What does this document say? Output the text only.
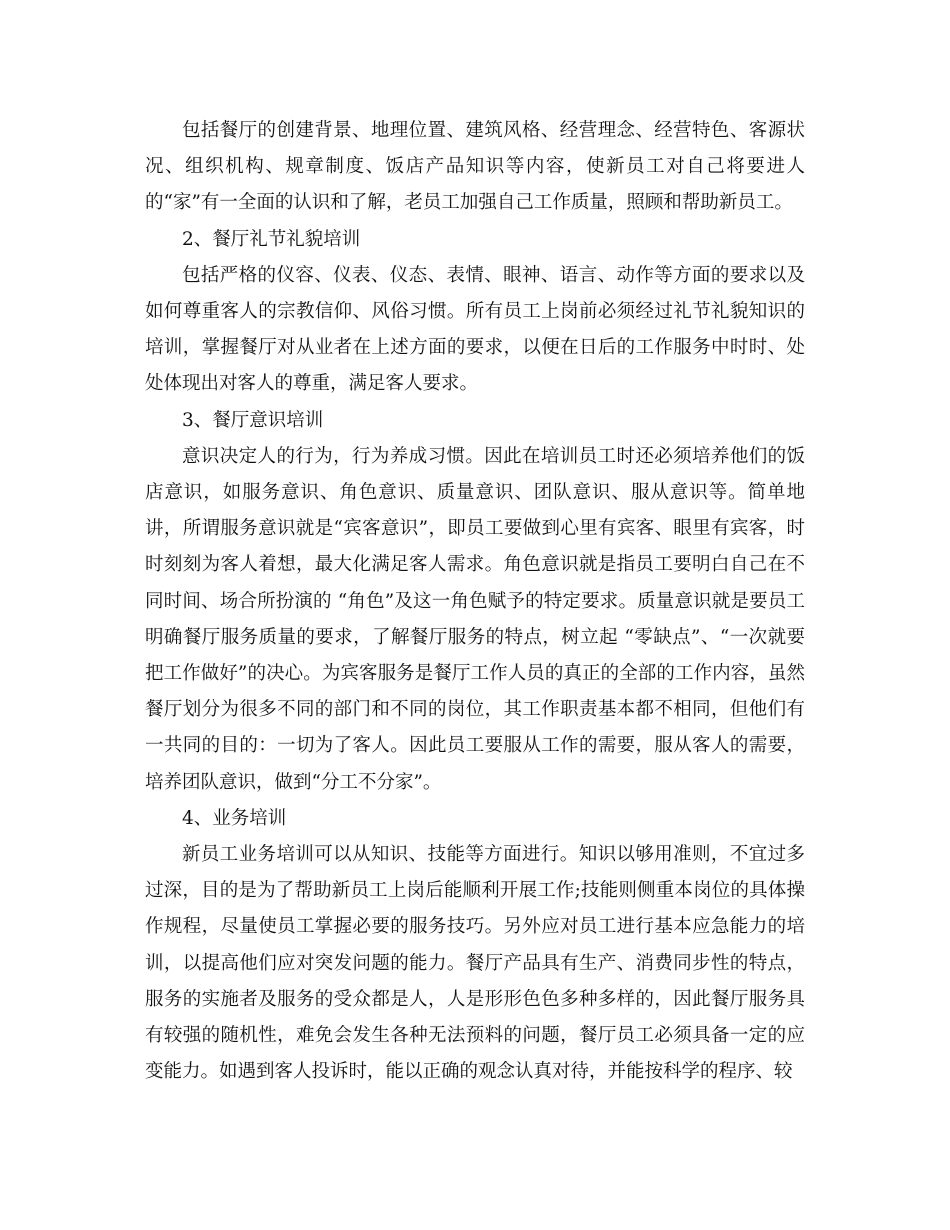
包括餐厅的创建背景、地理位置、建筑风格、经营理念、经营特色、客源状况、组织机构、规章制度、饭店产品知识等内容，使新员工对自己将要进人的“家”有一全面的认识和了解，老员工加强自己工作质量，照顾和帮助新员工。

2、餐厅礼节礼貌培训

包括严格的仪容、仪表、仪态、表情、眼神、语言、动作等方面的要求以及如何尊重客人的宗教信仰、风俗习惯。所有员工上岗前必须经过礼节礼貌知识的培训，掌握餐厅对从业者在上述方面的要求，以便在日后的工作服务中时时、处处体现出对客人的尊重，满足客人要求。

3、餐厅意识培训

意识决定人的行为，行为养成习惯。因此在培训员工时还必须培养他们的饭店意识，如服务意识、角色意识、质量意识、团队意识、服从意识等。简单地讲，所谓服务意识就是“宾客意识”，即员工要做到心里有宾客、眼里有宾客，时时刻刻为客人着想，最大化满足客人需求。角色意识就是指员工要明白自己在不同时间、场合所扮演的 “角色”及这一角色赋予的特定要求。质量意识就是要员工明确餐厅服务质量的要求，了解餐厅服务的特点，树立起 “零缺点”、“一次就要把工作做好”的决心。为宾客服务是餐厅工作人员的真正的全部的工作内容，虽然餐厅划分为很多不同的部门和不同的岗位，其工作职责基本都不相同，但他们有一共同的目的：一切为了客人。因此员工要服从工作的需要，服从客人的需要，培养团队意识，做到“分工不分家”。

4、业务培训

新员工业务培训可以从知识、技能等方面进行。知识以够用准则，不宜过多过深，目的是为了帮助新员工上岗后能顺利开展工作;技能则侧重本岗位的具体操作规程，尽量使员工掌握必要的服务技巧。另外应对员工进行基本应急能力的培训，以提高他们应对突发问题的能力。餐厅产品具有生产、消费同步性的特点，服务的实施者及服务的受众都是人，人是形形色色多种多样的，因此餐厅服务具有较强的随机性，难免会发生各种无法预料的问题，餐厅员工必须具备一定的应变能力。如遇到客人投诉时，能以正确的观念认真对待，并能按科学的程序、较
